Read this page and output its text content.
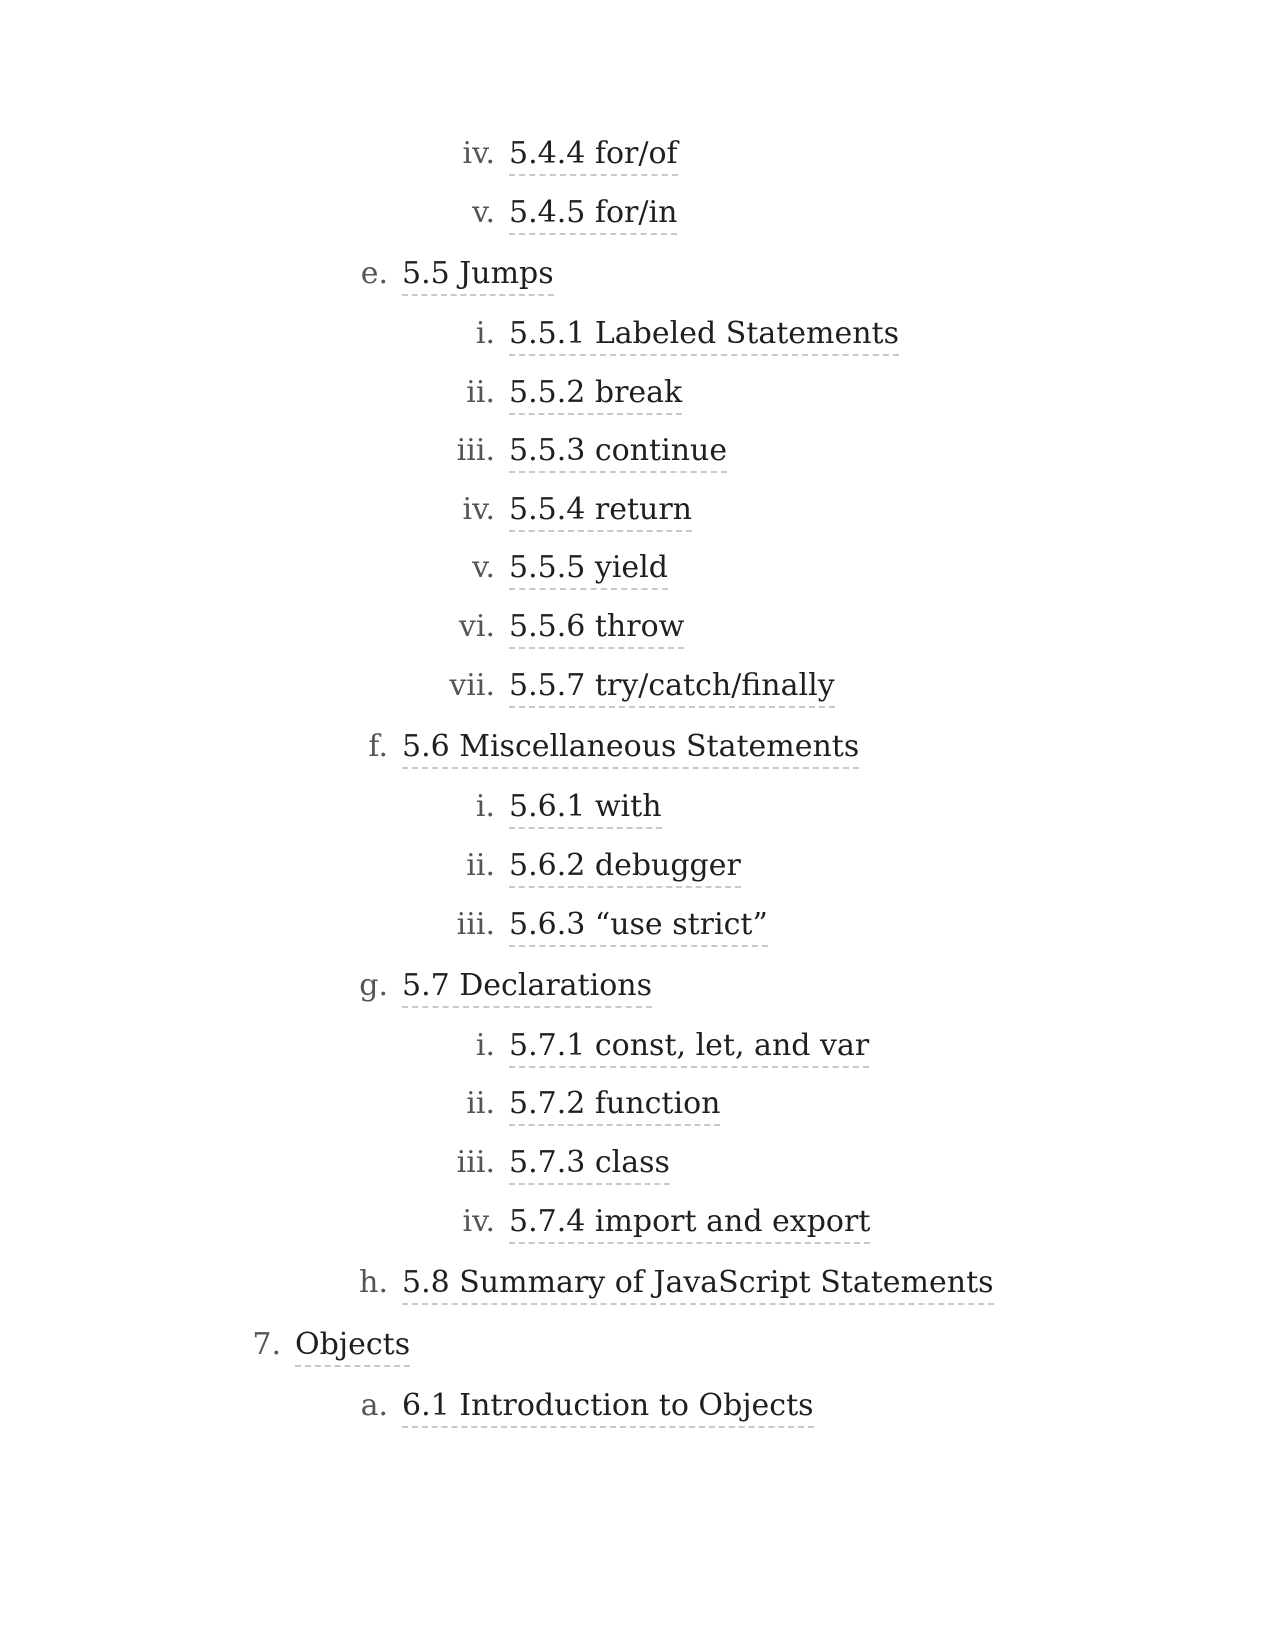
iv. 5.4.4 for/of
v. 5.4.5 for/in
e. 5.5 Jumps
i. 5.5.1 Labeled Statements
ii. 5.5.2 break
iii. 5.5.3 continue
iv. 5.5.4 return
v. 5.5.5 yield
vi. 5.5.6 throw
vii. 5.5.7 try/catch/finally
f. 5.6 Miscellaneous Statements
i. 5.6.1 with
ii. 5.6.2 debugger
iii. 5.6.3 “use strict”
g. 5.7 Declarations
i. 5.7.1 const, let, and var
ii. 5.7.2 function
iii. 5.7.3 class
iv. 5.7.4 import and export
h. 5.8 Summary of JavaScript Statements
7. Objects
a. 6.1 Introduction to Objects
